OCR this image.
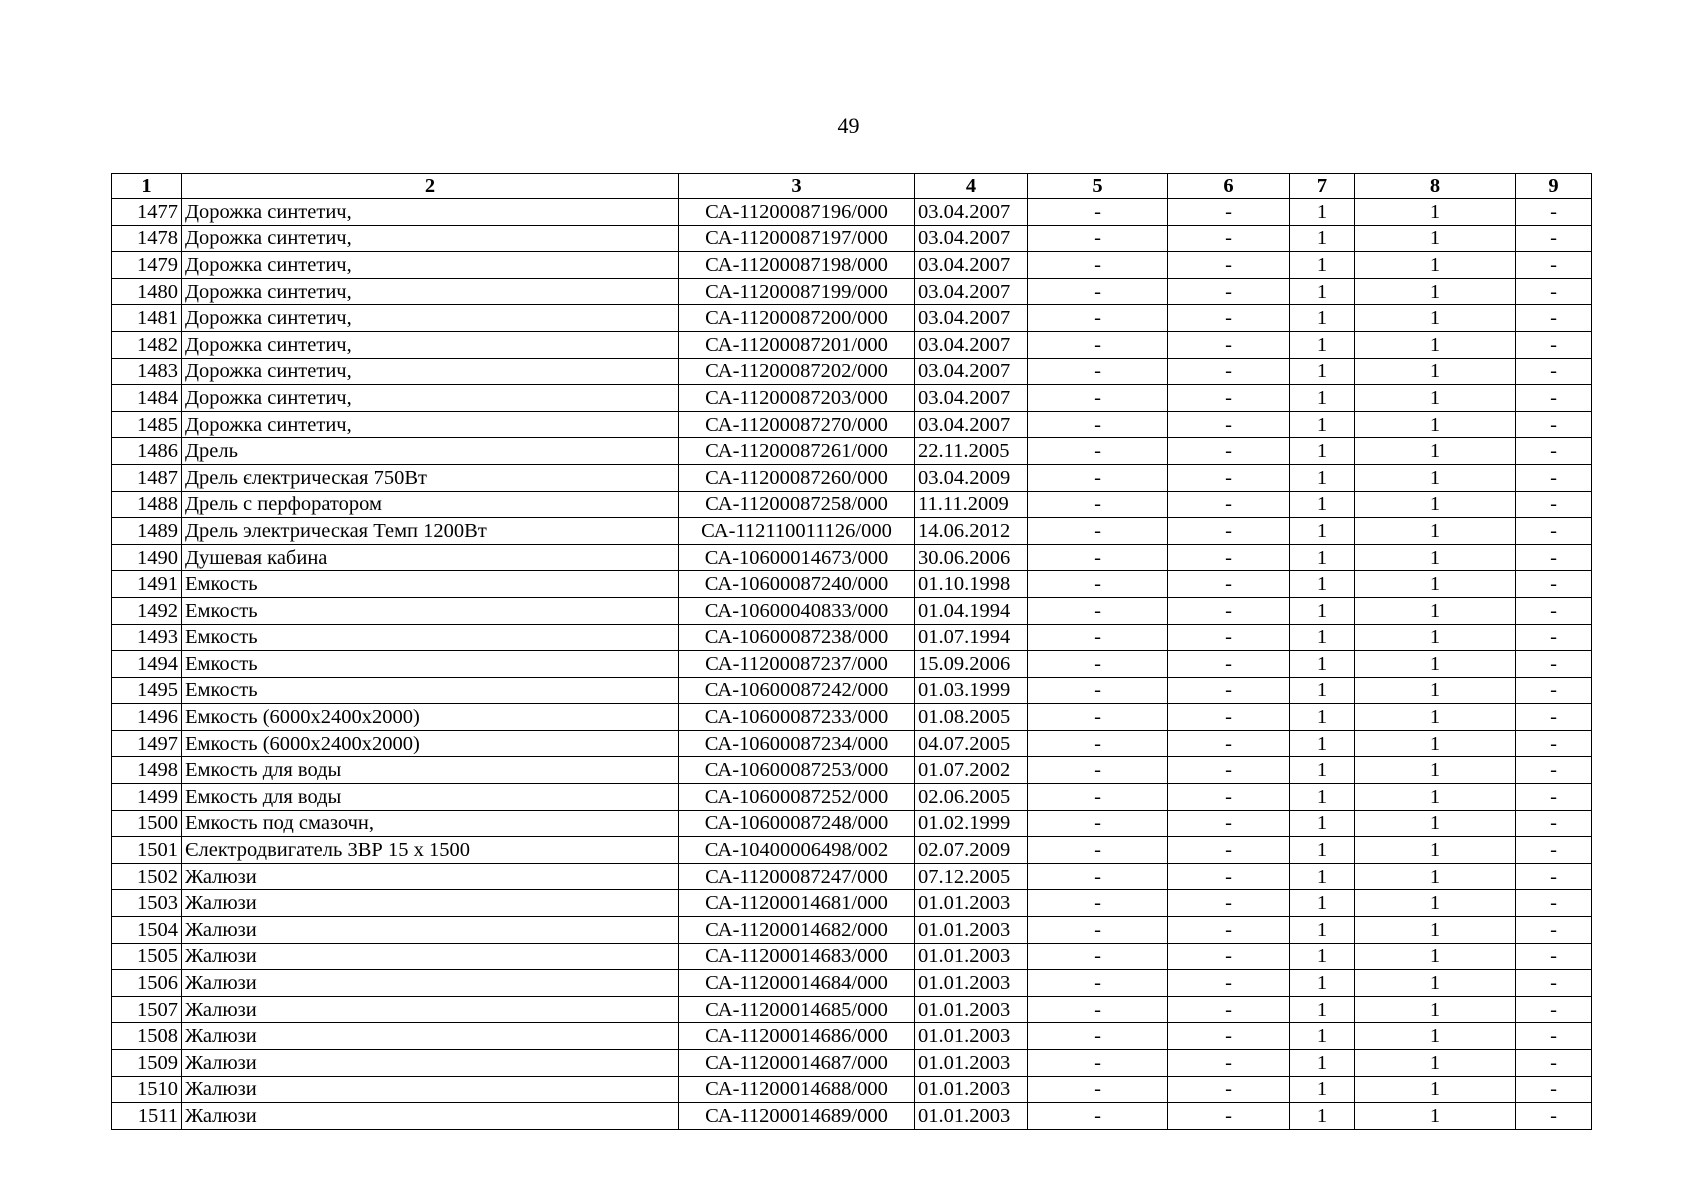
49
1	2	3	4	5	6	7	8	9
1477	Дорожка синтетич,	СА-11200087196/000	03.04.2007	-	-	1	1	-
1478	Дорожка синтетич,	СА-11200087197/000	03.04.2007	-	-	1	1	-
1479	Дорожка синтетич,	СА-11200087198/000	03.04.2007	-	-	1	1	-
1480	Дорожка синтетич,	СА-11200087199/000	03.04.2007	-	-	1	1	-
1481	Дорожка синтетич,	СА-11200087200/000	03.04.2007	-	-	1	1	-
1482	Дорожка синтетич,	СА-11200087201/000	03.04.2007	-	-	1	1	-
1483	Дорожка синтетич,	СА-11200087202/000	03.04.2007	-	-	1	1	-
1484	Дорожка синтетич,	СА-11200087203/000	03.04.2007	-	-	1	1	-
1485	Дорожка синтетич,	СА-11200087270/000	03.04.2007	-	-	1	1	-
1486	Дрель	СА-11200087261/000	22.11.2005	-	-	1	1	-
1487	Дрель єлектрическая 750Вт	СА-11200087260/000	03.04.2009	-	-	1	1	-
1488	Дрель с перфоратором	СА-11200087258/000	11.11.2009	-	-	1	1	-
1489	Дрель электрическая Темп 1200Вт	СА-112110011126/000	14.06.2012	-	-	1	1	-
1490	Душевая кабина	СА-10600014673/000	30.06.2006	-	-	1	1	-
1491	Емкость	СА-10600087240/000	01.10.1998	-	-	1	1	-
1492	Емкость	СА-10600040833/000	01.04.1994	-	-	1	1	-
1493	Емкость	СА-10600087238/000	01.07.1994	-	-	1	1	-
1494	Емкость	СА-11200087237/000	15.09.2006	-	-	1	1	-
1495	Емкость	СА-10600087242/000	01.03.1999	-	-	1	1	-
1496	Емкость (6000х2400х2000)	СА-10600087233/000	01.08.2005	-	-	1	1	-
1497	Емкость (6000х2400х2000)	СА-10600087234/000	04.07.2005	-	-	1	1	-
1498	Емкость для воды	СА-10600087253/000	01.07.2002	-	-	1	1	-
1499	Емкость для воды	СА-10600087252/000	02.06.2005	-	-	1	1	-
1500	Емкость под смазочн,	СА-10600087248/000	01.02.1999	-	-	1	1	-
1501	Єлектродвигатель 3ВР 15 х 1500	СА-10400006498/002	02.07.2009	-	-	1	1	-
1502	Жалюзи	СА-11200087247/000	07.12.2005	-	-	1	1	-
1503	Жалюзи	СА-11200014681/000	01.01.2003	-	-	1	1	-
1504	Жалюзи	СА-11200014682/000	01.01.2003	-	-	1	1	-
1505	Жалюзи	СА-11200014683/000	01.01.2003	-	-	1	1	-
1506	Жалюзи	СА-11200014684/000	01.01.2003	-	-	1	1	-
1507	Жалюзи	СА-11200014685/000	01.01.2003	-	-	1	1	-
1508	Жалюзи	СА-11200014686/000	01.01.2003	-	-	1	1	-
1509	Жалюзи	СА-11200014687/000	01.01.2003	-	-	1	1	-
1510	Жалюзи	СА-11200014688/000	01.01.2003	-	-	1	1	-
1511	Жалюзи	СА-11200014689/000	01.01.2003	-	-	1	1	-
